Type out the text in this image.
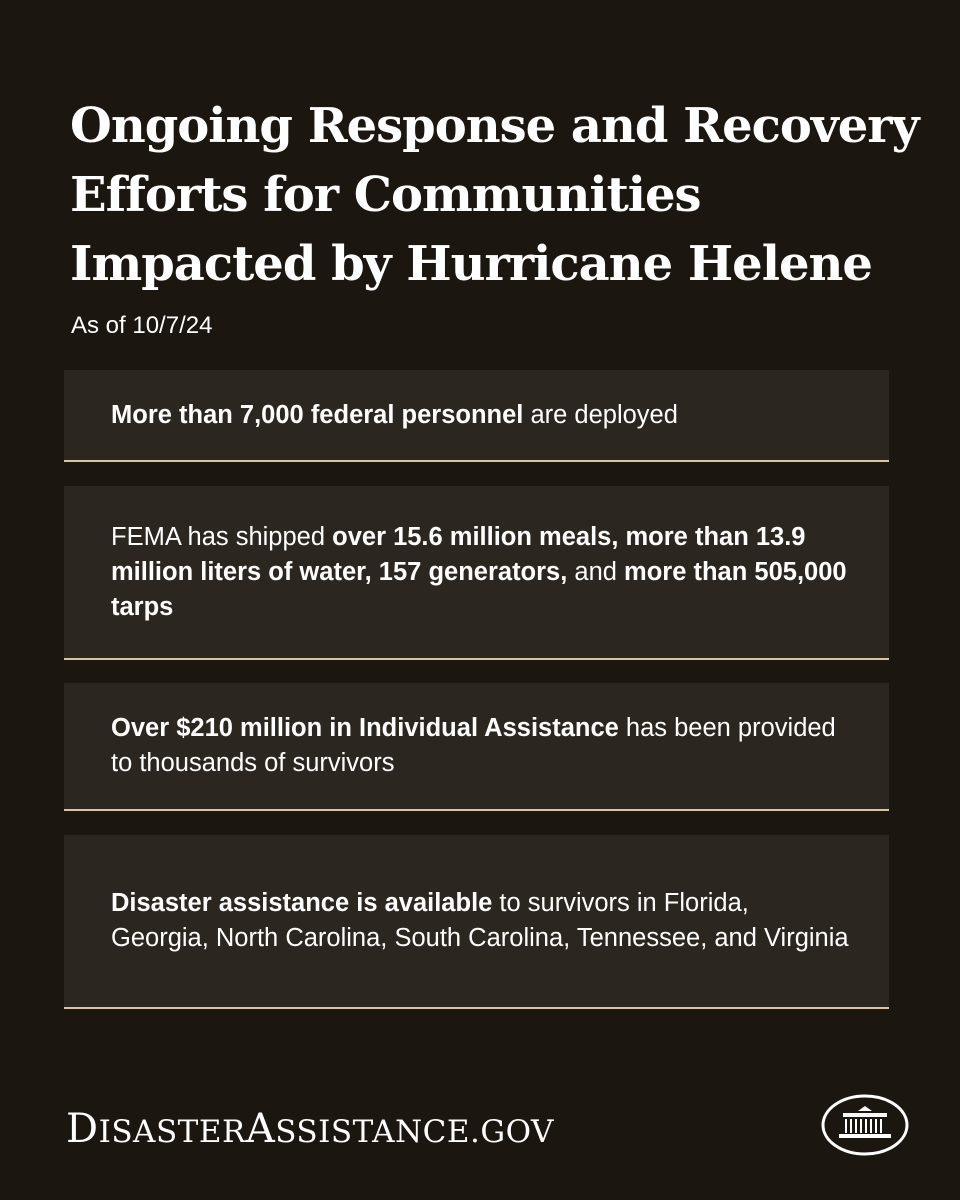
Ongoing Response and Recovery
Efforts for Communities
Impacted by Hurricane Helene
As of 10/7/24

More than 7,000 federal personnel are deployed

FEMA has shipped over 15.6 million meals, more than 13.9 million liters of water, 157 generators, and more than 505,000 tarps

Over $210 million in Individual Assistance has been provided to thousands of survivors

Disaster assistance is available to survivors in Florida, Georgia, North Carolina, South Carolina, Tennessee, and Virginia

DISASTERASSISTANCE.GOV
